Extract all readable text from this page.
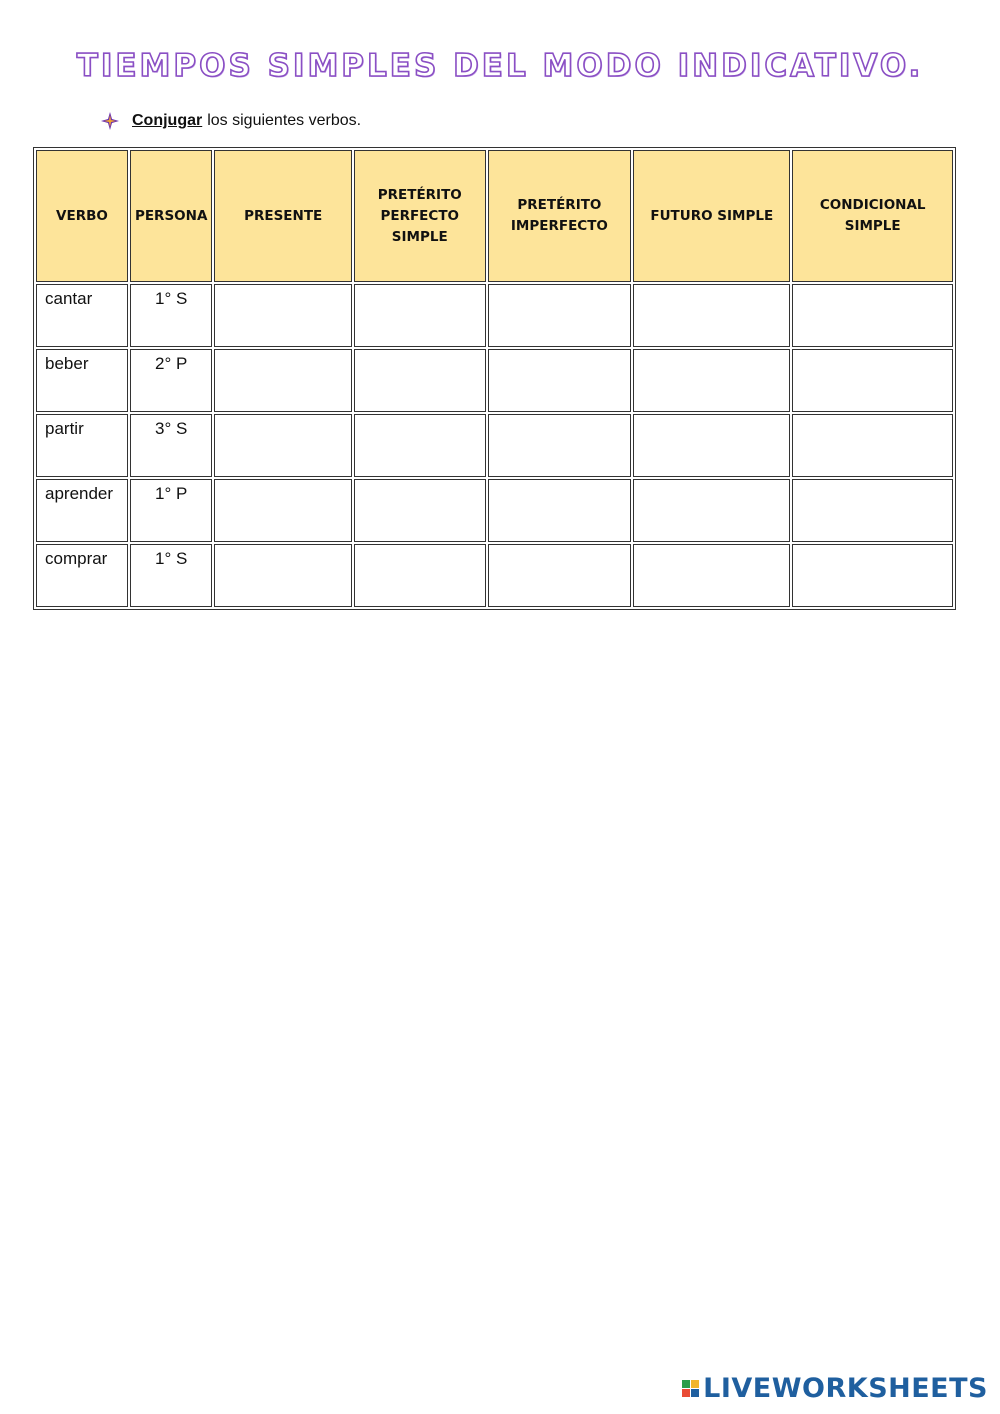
TIEMPOS SIMPLES DEL MODO INDICATIVO.
Conjugar los siguientes verbos.
VERBO	PERSONA	PRESENTE	PRETÉRITO PERFECTO SIMPLE	PRETÉRITO IMPERFECTO	FUTURO SIMPLE	CONDICIONAL SIMPLE
cantar	1° S					
beber	2° P					
partir	3° S					
aprender	1° P					
comprar	1° S					
LIVEWORKSHEETS
